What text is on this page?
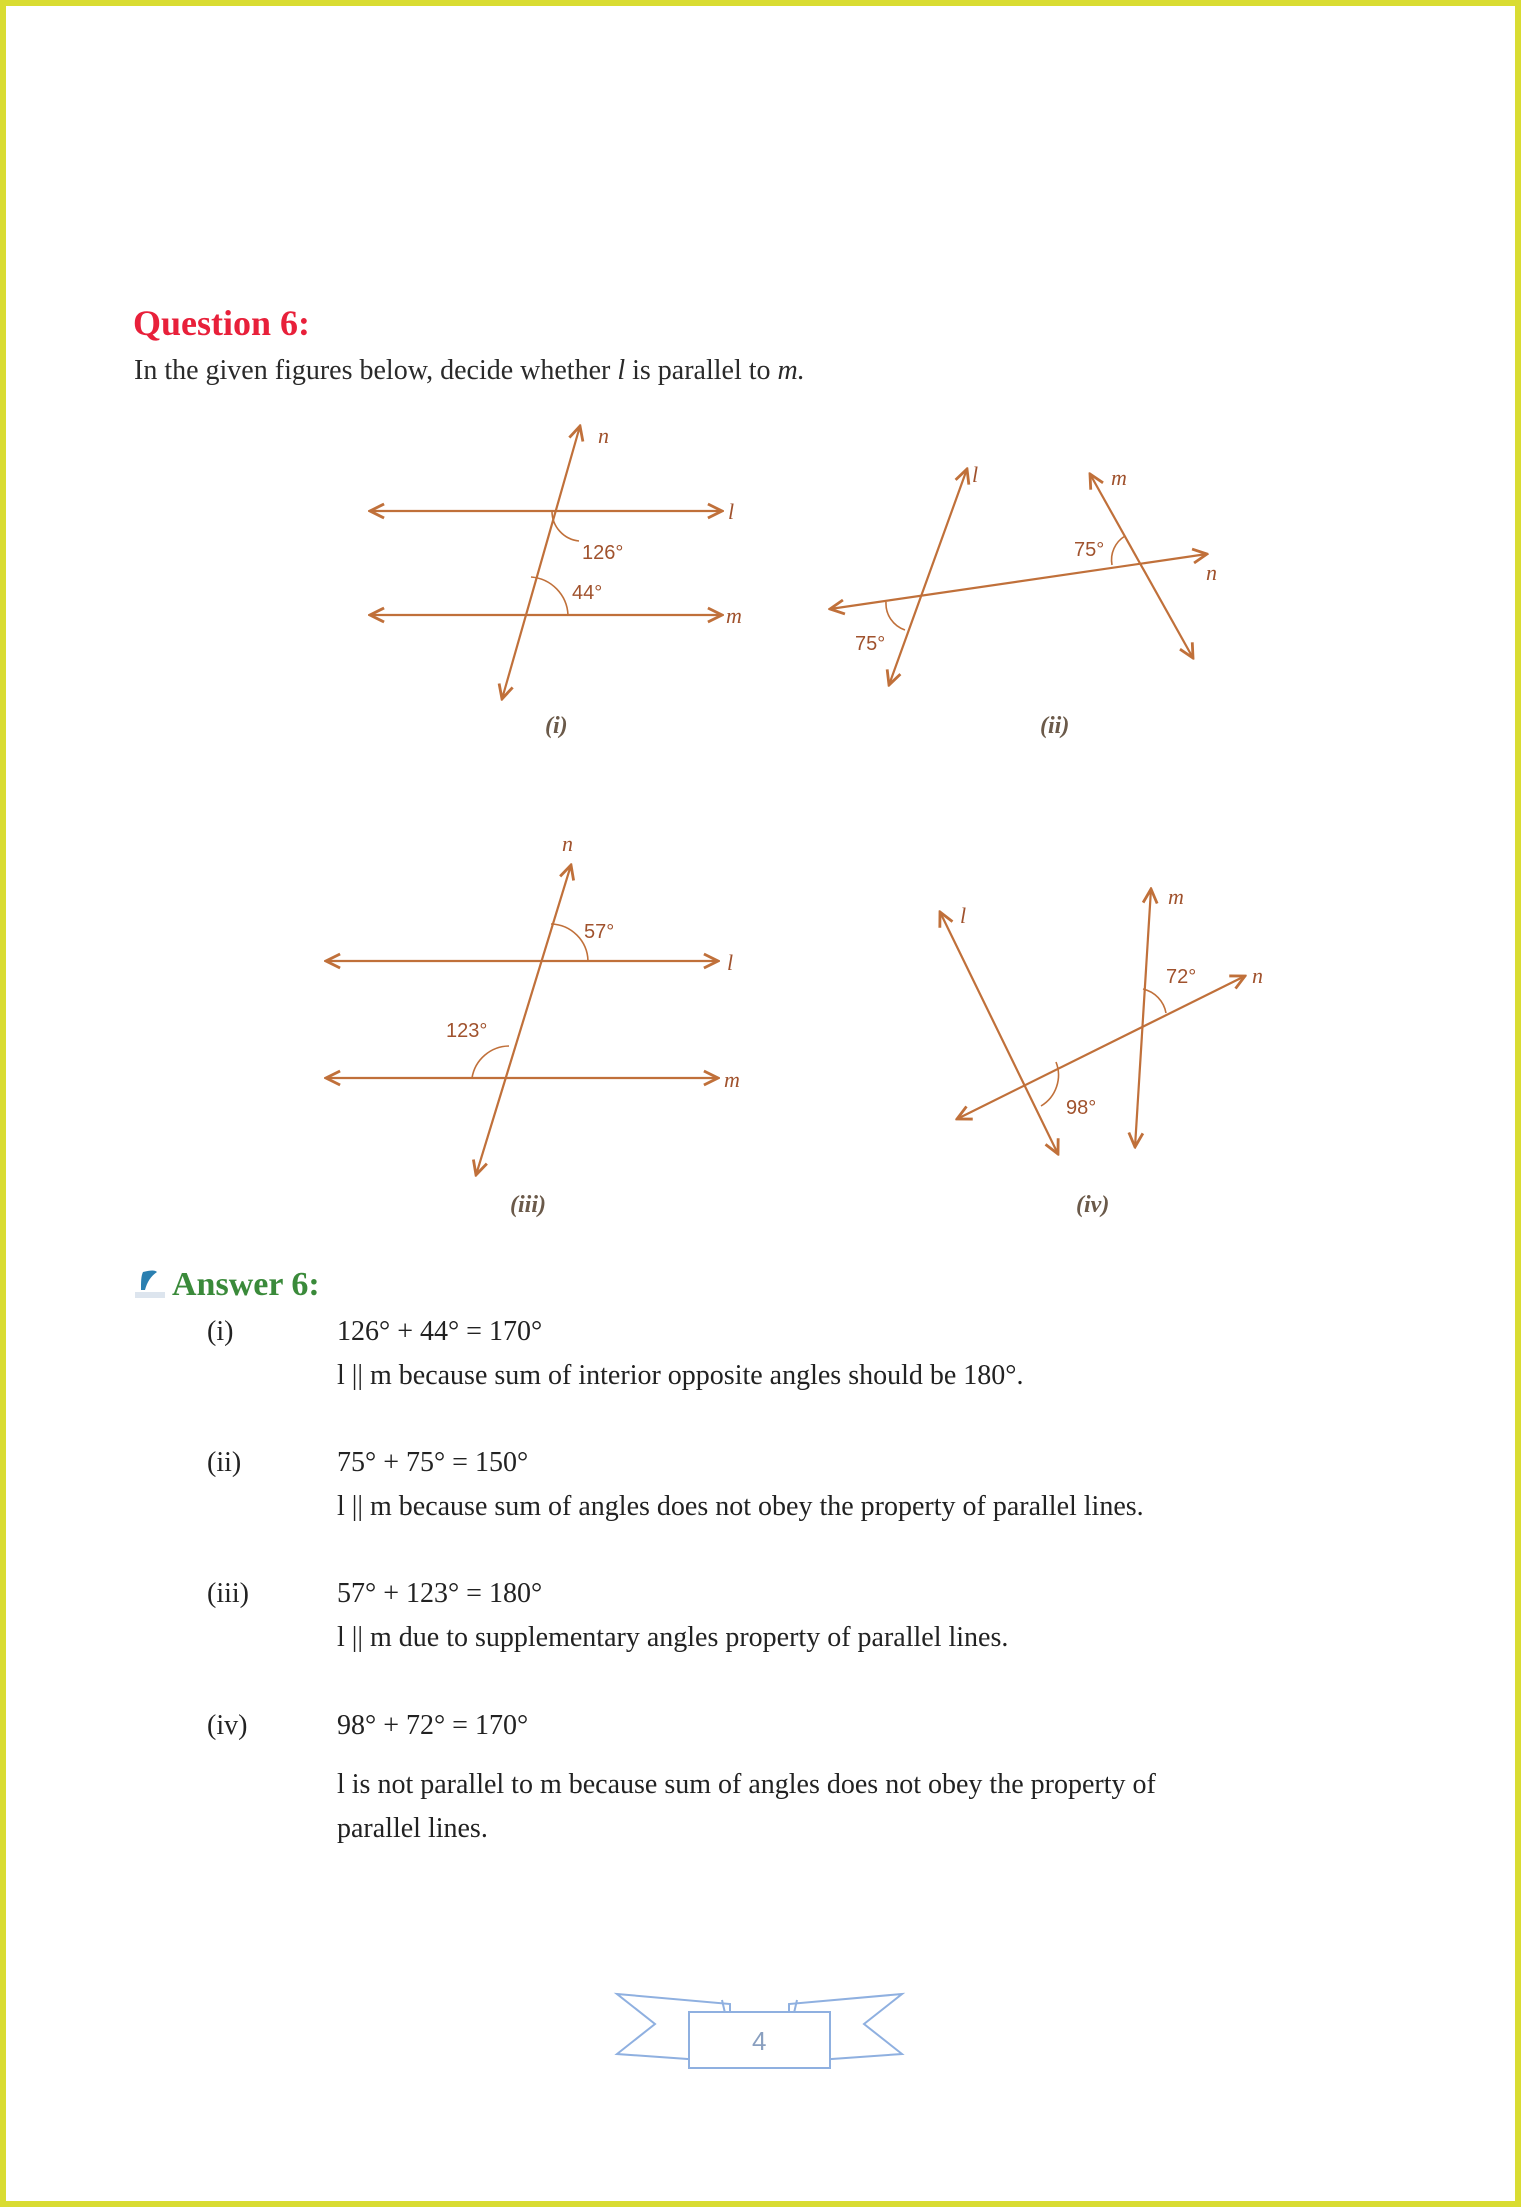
Question 6:
In the given figures below, decide whether l is parallel to m.
n
l
m
126°
44°
(i)
l	m
n
75°
75°
(ii)
n
l
m
57°
123°
(iii)
l
m
n
72°
98°
(iv)
4
Answer 6:
(i)	126° + 44° = 170°
l || m because sum of interior opposite angles should be 180°.
(ii)	75° + 75° = 150°
l || m because sum of angles does not obey the property of parallel lines.
(iii)	57° + 123° = 180°
l || m due to supplementary angles property of parallel lines.
(iv)	98° + 72° = 170°
l is not parallel to m because sum of angles does not obey the property of
parallel lines.
